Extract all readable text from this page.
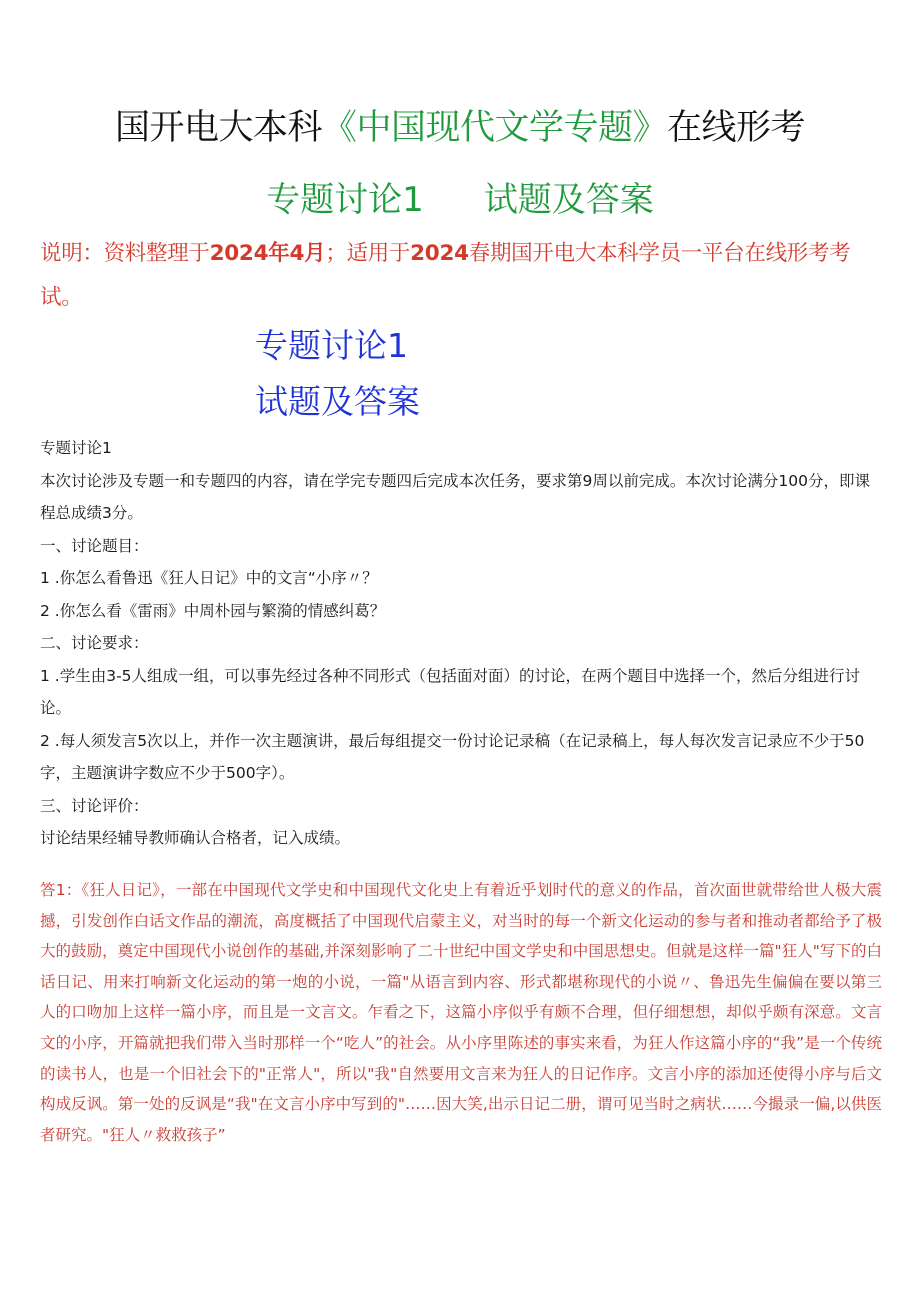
国开电大本科《中国现代文学专题》在线形考
专题讨论1 试题及答案
说明：资料整理于2024年4月；适用于2024春期国开电大本科学员一平台在线形考考试。
专题讨论1
试题及答案

专题讨论1

本次讨论涉及专题一和专题四的内容，请在学完专题四后完成本次任务，要求第9周以前完成。本次讨论满分100分，即课程总成绩3分。

一、讨论题目：

1 .你怎么看鲁迅《狂人日记》中的文言“小序〃？

2 .你怎么看《雷雨》中周朴园与繁漪的情感纠葛？

二、讨论要求：

1 .学生由3-5人组成一组，可以事先经过各种不同形式（包括面对面）的讨论，在两个题目中选择一个，然后分组进行讨论。

2 .每人须发言5次以上，并作一次主题演讲，最后每组提交一份讨论记录稿（在记录稿上，每人每次发言记录应不少于50字，主题演讲字数应不少于500字）。

三、讨论评价：

讨论结果经辅导教师确认合格者，记入成绩。

答1：《狂人日记》，一部在中国现代文学史和中国现代文化史上有着近乎划时代的意义的作品，首次面世就带给世人极大震撼，引发创作白话文作品的潮流，高度概括了中国现代启蒙主义，对当时的每一个新文化运动的参与者和推动者都给予了极大的鼓励，奠定中国现代小说创作的基础,并深刻影响了二十世纪中国文学史和中国思想史。但就是这样一篇"狂人"写下的白话日记、用来打响新文化运动的第一炮的小说，一篇"从语言到内容、形式都堪称现代的小说〃、鲁迅先生偏偏在要以第三人的口吻加上这样一篇小序，而且是一文言文。乍看之下，这篇小序似乎有颇不合理，但仔细想想，却似乎颇有深意。文言文的小序，开篇就把我们带入当时那样一个“吃人”的社会。从小序里陈述的事实来看，为狂人作这篇小序的“我”是一个传统的读书人，也是一个旧社会下的"正常人"，所以"我"自然要用文言来为狂人的日记作序。文言小序的添加还使得小序与后文构成反讽。第一处的反讽是“我"在文言小序中写到的"……因大笑,出示日记二册，谓可见当时之病状……今撮录一偏,以供医者研究。"狂人〃救救孩子”
